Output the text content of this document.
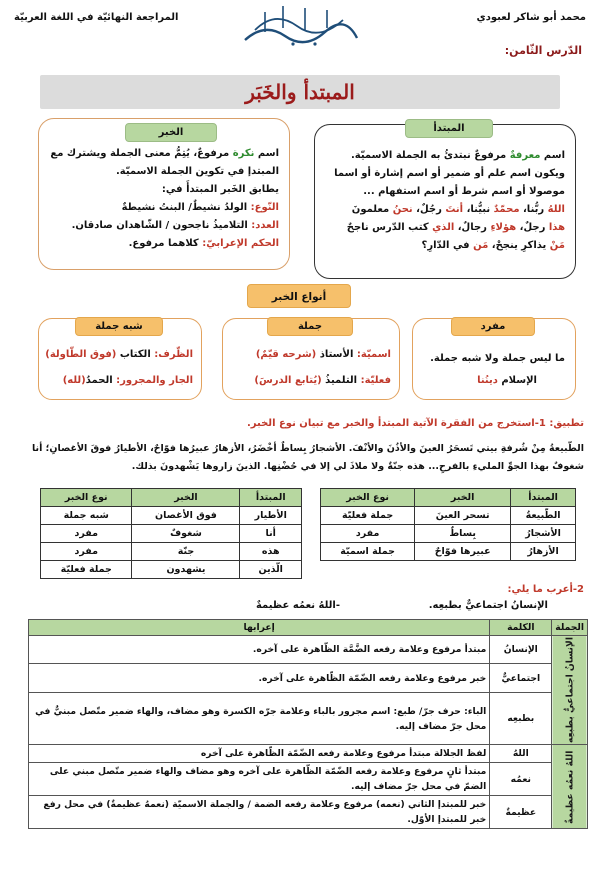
محمد أبو شاكر لعبودي
المراجعة النهائيّة في اللغة العربيّة
الدّرس الثّامن:
المبتدأ والخَبَر
المبتدأ
اسم معرفةٌ مرفوعٌ نبتدئُ به الجملة الاسميّة.
ويكون اسم علم أو ضمير أو اسم إشارة أو اسما
موصولا أو اسم شرط أو اسم استفهام ...
اللهُ ربُّنا، محمّدٌ نبيُّنا، أنتَ رجُلٌ، نحنُ معلمونَ
هذا رجلٌ، هؤلاءِ رجالٌ، الذي كتب الدّرس ناجحٌ
مَنْ يذاكرِ ينجحْ، مَن في الدّارِ؟
الخبر
اسم نكرة مرفوعٌ، يُتِمُّ معنى الجملة ويشترك مع
المبتدإ في تكوين الجملة الاسميّة.
يطابق الخَبر المبتدأَ في:
النّوع: الولدُ نشيطٌ/ البنتُ نشيطةٌ
العدد: التلاميذُ ناجحون / الشّاهدان صادقان.
الحكم الإعرابيّ: كلاهما مرفوع.
أنواع الخبر
مفرد
ما ليس جملة ولا شبه جملة.
الإسلام دينُنا
جملة
اسميّة: الأستاذ (شرحه قيّمٌ)
فعليّة: التلميذُ (يُتابع الدرسَ)
شبه جملة
الظّرف: الكتاب (فوق الطّاولة)
الجار والمجرور: الحمدُ(لله)
تطبيق: 1-استخرج من الفقرة الآتية المبتدأ والخبر مع تبيان نوع الخبر.
الطّبيعةُ مِنْ شُرفةِ بيتي تَسحَرُ العينَ والأذُنَ والأنْفَ. الأشجارُ بِساطٌ أخْضَرُ، الأزهارُ عبيرُها فوّاحٌ، الأطيارُ فوقَ الأغصانِ؛ أنا
شغوفٌ بهذا الجوِّ المليءِ بالفرحِ... هذه جنّةٌ ولا ملاذَ لي إلا في حُضْنِها. الذينَ زاروها يَشْهدونَ بذلك.
المبتدأ	الخبر	نوع الخبر
الطّبيعةُ	تسحر العينَ	جملة فعليّة
الأشجارُ	بِساطٌ	مفرد
الأزهارُ	عبيرها فوّاحٌ	جملة اسميّة
المبتدأ	الخبر	نوع الخبر
الأطيار	فوق الأغصان	شبه جملة
أنا	شغوفٌ	مفرد
هذه	جنّة	مفرد
الّذين	يشهدون	جملة فعليّة
2-أعرب ما يلي:
الإنسانُ اجتماعيٌّ بطبعِه.
-اللهُ نعمُه عظيمةٌ
الجملة	الكلمة	إعرابها
الإنسانُ اجتماعيٌّ بطبعِه	الإنسانُ	مبتدأ مرفوع وعلامة رفعه الضَّمَّة الظّاهرة على آخره.
	اجتماعيٌّ	خبر مرفوع وعلامة رفعه الضّمّة الظّاهرة على آخره.
	بطبعِه	الباء: حرف جرّ/ طبع: اسم مجرور بالباء وعلامة جرّه الكسرة وهو مضاف، والهاء ضمير متّصل مبنيٌّ في محل جرّ مضاف إليه.
اللهُ نعمُه عظيمةٌ	اللهُ	لفظ الجلالة مبتدأ مرفوع وعلامة رفعه الضّمّة الظّاهرة على آخره
	نعمُه	مبتدأ ثانٍ مرفوع وعلامة رفعه الضّمّة الظّاهرة على آخره وهو مضاف والهاء ضمير متّصل مبني على الضمّ في محل جرّ مضاف إليه.
	عظيمةٌ	خبر للمبتدإ الثاني (نعمه) مرفوع وعلامة رفعه الضمة / والجملة الاسميّة (نعمهُ عظيمةٌ) في محل رفع خبر للمبتدإ الأوّل.
